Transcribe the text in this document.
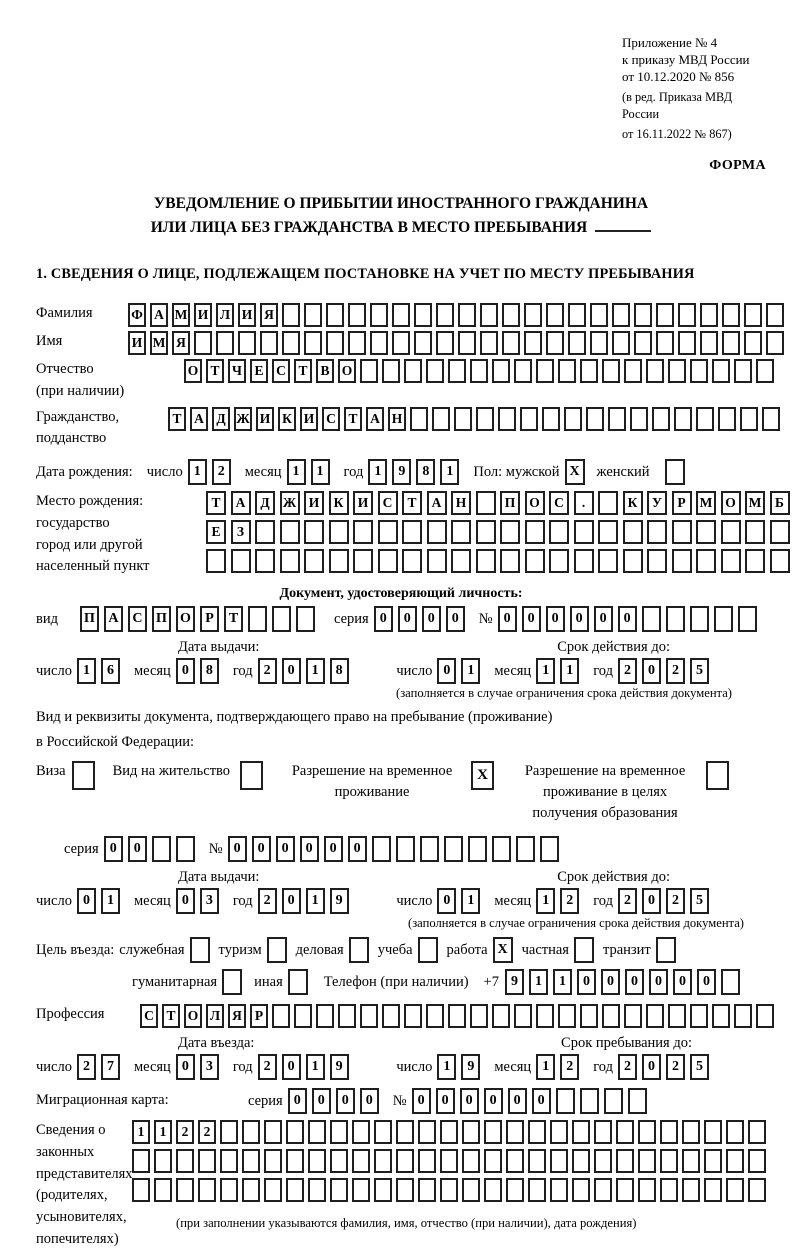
Приложение № 4
к приказу МВД России
от 10.12.2020 № 856
(в ред. Приказа МВД России
от 16.11.2022 № 867)
ФОРМА
УВЕДОМЛЕНИЕ О ПРИБЫТИИ ИНОСТРАННОГО ГРАЖДАНИНА
ИЛИ ЛИЦА БЕЗ ГРАЖДАНСТВА В МЕСТО ПРЕБЫВАНИЯ
1. СВЕДЕНИЯ О ЛИЦЕ, ПОДЛЕЖАЩЕМ ПОСТАНОВКЕ НА УЧЕТ ПО МЕСТУ ПРЕБЫВАНИЯ
Фамилия	Ф А М И Л И Я
Имя	И М Я
Отчество
(при наличии)
О Т Ч Е С Т В О
Гражданство,
подданство
Т А Д Ж И К И С Т А Н
Дата рождения: число 1	2	месяц 1	1	год 1	9	8	1	Пол: мужской X	женский
Место рождения:
государство
город или другой
населенный пункт
Т	А	Д Ж И	К	И	С	Т	А	Н	П	О	С	.	К	У	Р	М О М	Б
Е	З
Документ, удостоверяющий личность:
вид П А С П О	Р	Т	серия 0	0	0	0	№ 0	0	0	0	0	0
Дата выдачи:	Срок действия до:
число 1	6	месяц 0	8	год 2	0	1	8	число 0	1	месяц 1	1	год 2	0	2	5
(заполняется в случае ограничения срока действия документа)
Вид и реквизиты документа, подтверждающего право на пребывание (проживание)
в Российской Федерации:
Виза	Вид на жительство	Разрешение на временное
проживание
X	Разрешение на временное
проживание в целях
получения образования
серия 0	0	№ 0	0	0	0	0	0
Дата выдачи:	Срок действия до:
число 0	1	месяц 0	3	год 2	0	1	9	число 0	1	месяц 1	2	год 2	0	2	5
(заполняется в случае ограничения срока действия документа)
Цель въезда: служебная туризм деловая учеба работа X частная транзит
гуманитарная	иная	Телефон (при наличии) +7 9	1	1	0	0	0	0	0	0
Профессия	С Т О Л Я Р
Дата въезда:	Срок пребывания до:
число 2	7	месяц 0	3	год 2	0	1	9	число 1	9	месяц 1	2	год 2	0	2	5
Миграционная карта:	серия 0	0	0	0	№ 0	0	0	0	0	0
Сведения о
законных
представителях
(родителях,
усыновителях,
попечителях)
1	1	2	2
(при заполнении указываются фамилия, имя, отчество (при наличии), дата рождения)
